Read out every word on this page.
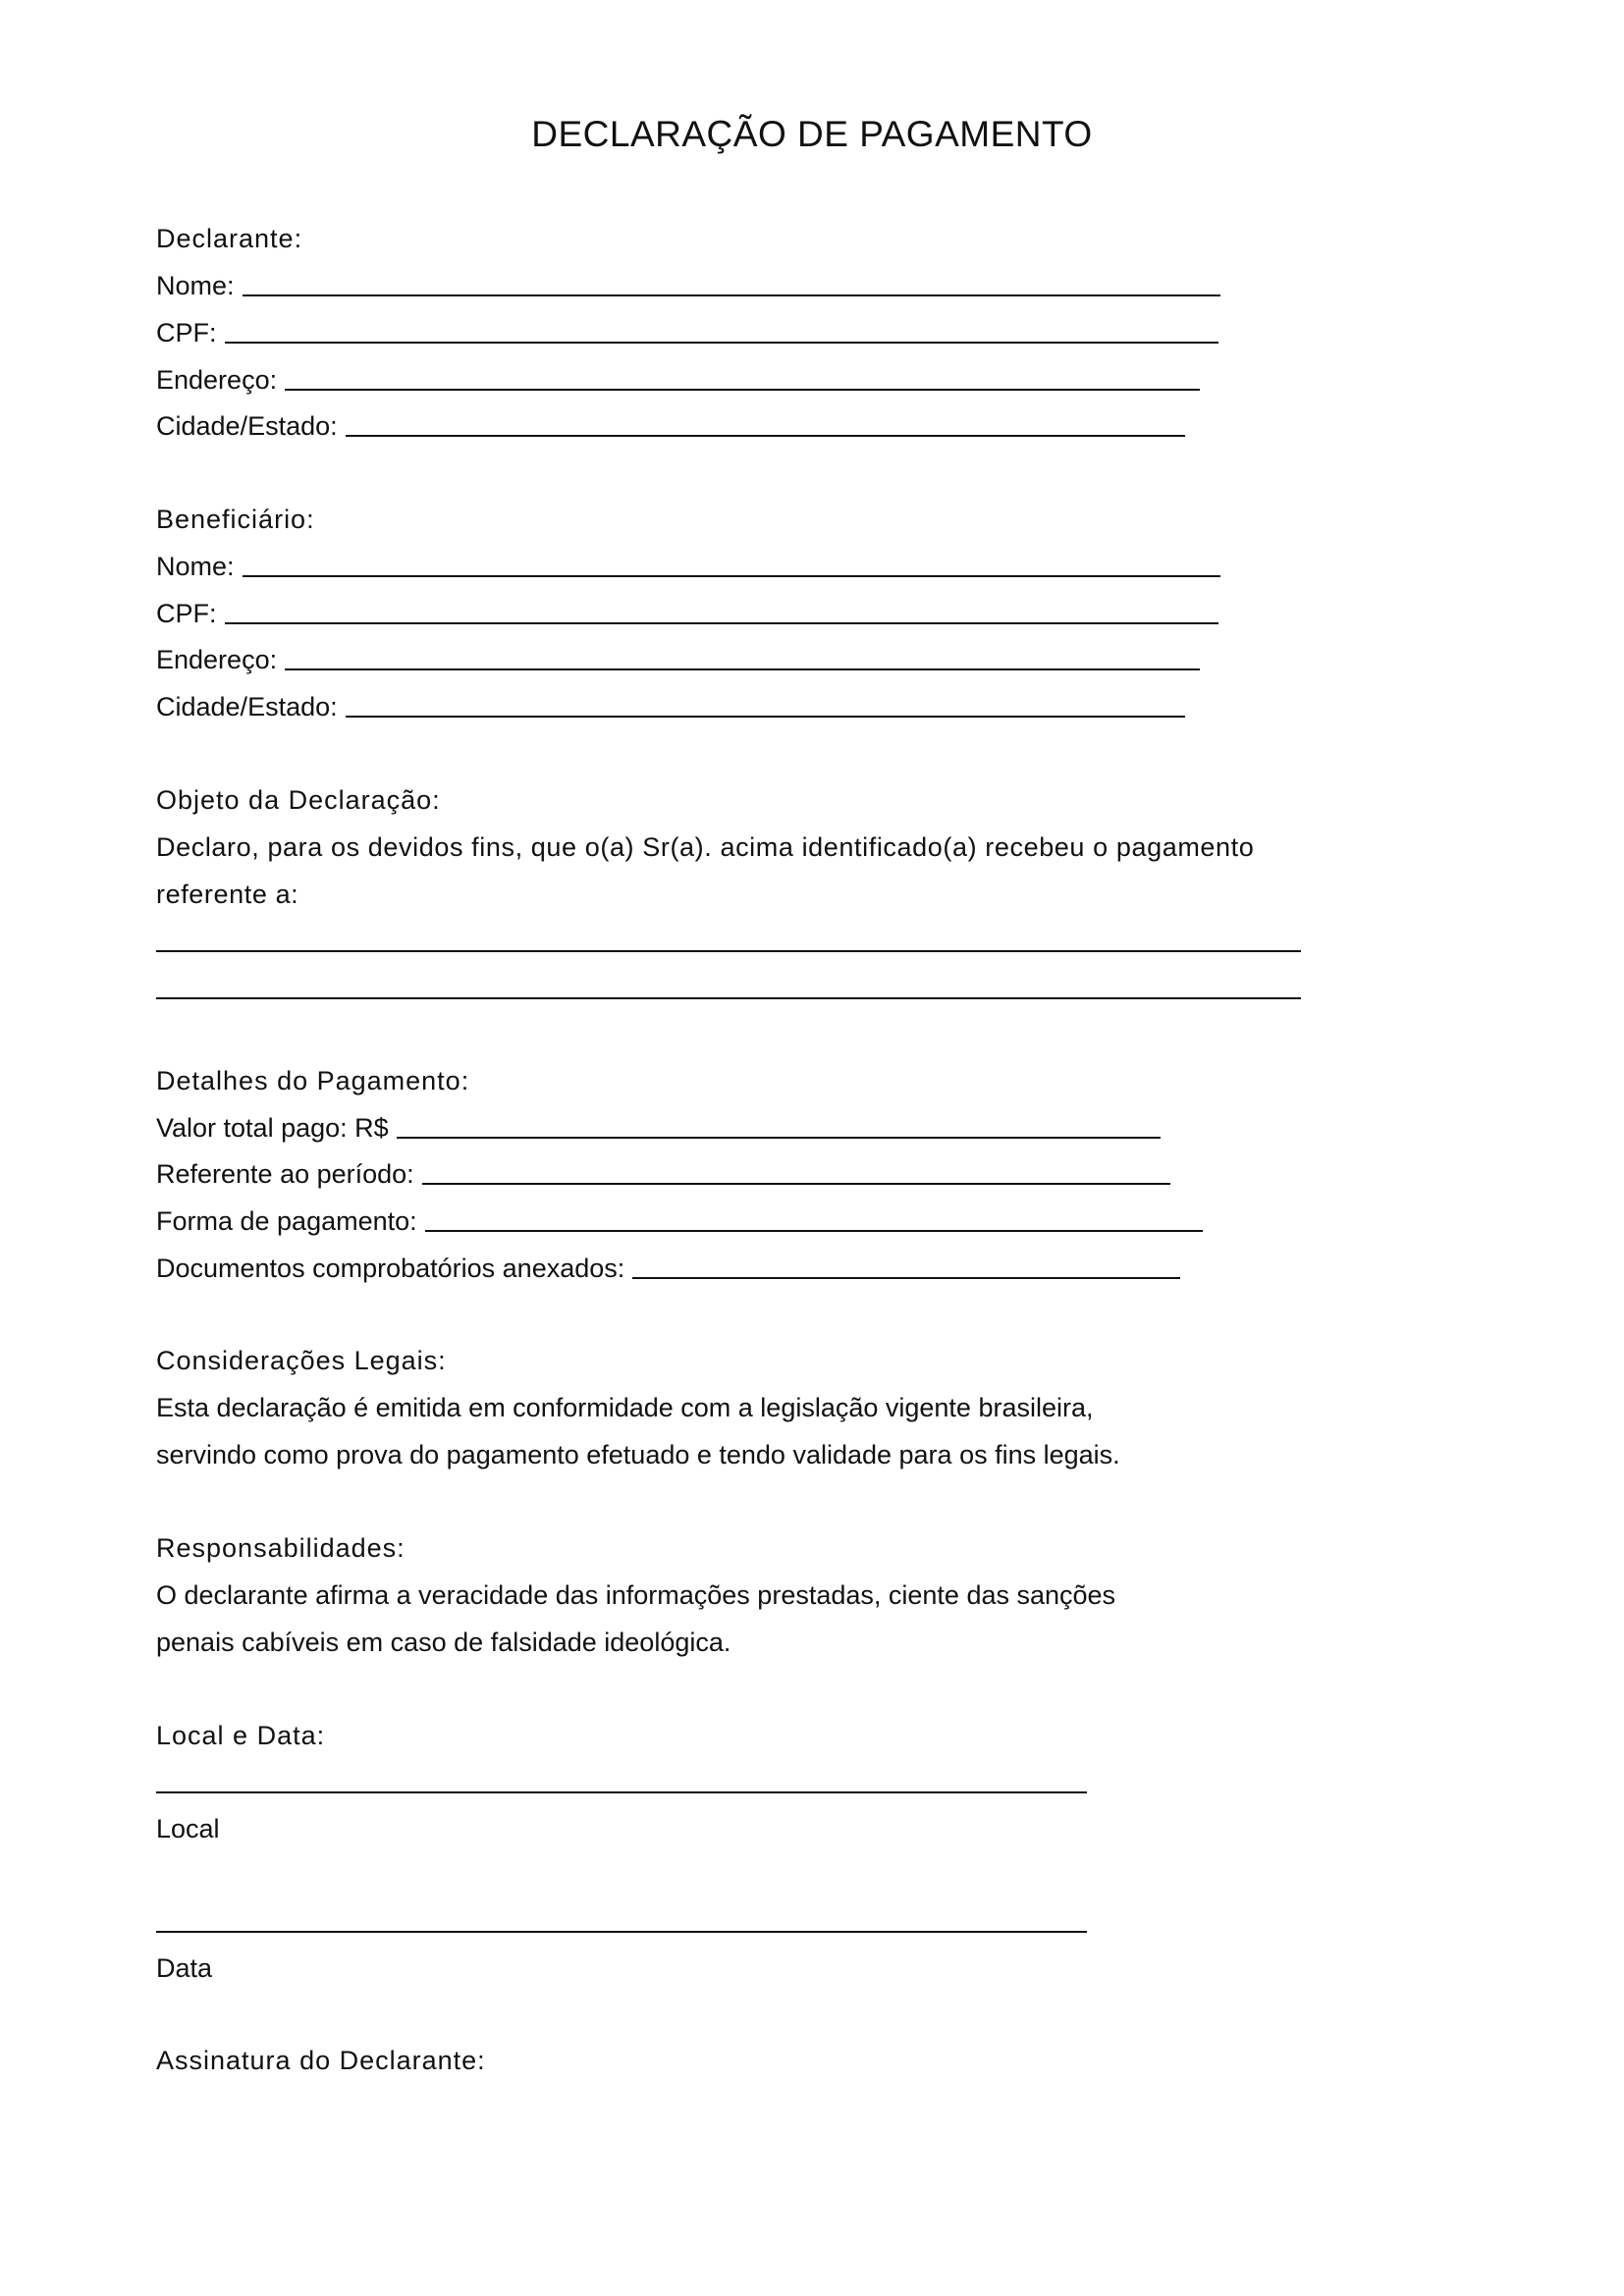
DECLARAÇÃO DE PAGAMENTO
Declarante:
Nome:
CPF:
Endereço:
Cidade/Estado:
Beneficiário:
Nome:
CPF:
Endereço:
Cidade/Estado:
Objeto da Declaração:
Declaro, para os devidos fins, que o(a) Sr(a). acima identificado(a) recebeu o pagamento
referente a:
Detalhes do Pagamento:
Valor total pago: R$
Referente ao período:
Forma de pagamento:
Documentos comprobatórios anexados:
Considerações Legais:
Esta declaração é emitida em conformidade com a legislação vigente brasileira,
servindo como prova do pagamento efetuado e tendo validade para os fins legais.
Responsabilidades:
O declarante afirma a veracidade das informações prestadas, ciente das sanções
penais cabíveis em caso de falsidade ideológica.
Local e Data:
Local
Data
Assinatura do Declarante:
